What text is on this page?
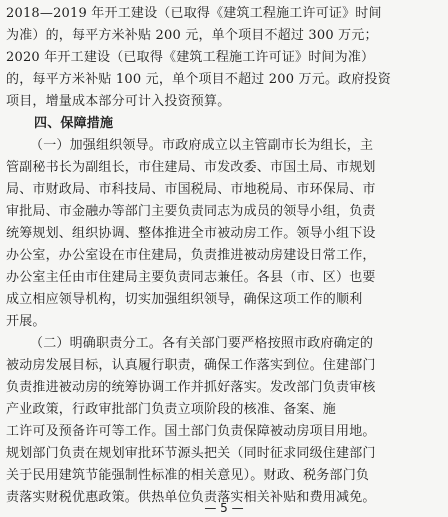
2018—2019 年开工建设（已取得《建筑工程施工许可证》时间
为准）的，每平方米补贴 200 元，单个项目不超过 300 万元；
2020 年开工建设（已取得《建筑工程施工许可证》时间为准）
的，每平方米补贴 100 元，单个项目不超过 200 万元。政府投资
项目，增量成本部分可计入投资预算。
四、保障措施
（一）加强组织领导。市政府成立以主管副市长为组长，主
管副秘书长为副组长，市住建局、市发改委、市国土局、市规划
局、市财政局、市科技局、市国税局、市地税局、市环保局、市
审批局、市金融办等部门主要负责同志为成员的领导小组，负责
统筹规划、组织协调、整体推进全市被动房工作。领导小组下设
办公室，办公室设在市住建局，负责推进被动房建设日常工作，
办公室主任由市住建局主要负责同志兼任。各县（市、区）也要
成立相应领导机构，切实加强组织领导，确保这项工作的顺利
开展。
（二）明确职责分工。各有关部门要严格按照市政府确定的
被动房发展目标，认真履行职责，确保工作落实到位。住建部门
负责推进被动房的统筹协调工作并抓好落实。发改部门负责审核
产业政策，行政审批部门负责立项阶段的核准、备案、施
工许可及预备许可等工作。国土部门负责保障被动房项目用地。
规划部门负责在规划审批环节源头把关（同时征求同级住建部门
关于民用建筑节能强制性标准的相关意见）。财政、税务部门负
责落实财税优惠政策。供热单位负责落实相关补贴和费用减免。
— 5 —
